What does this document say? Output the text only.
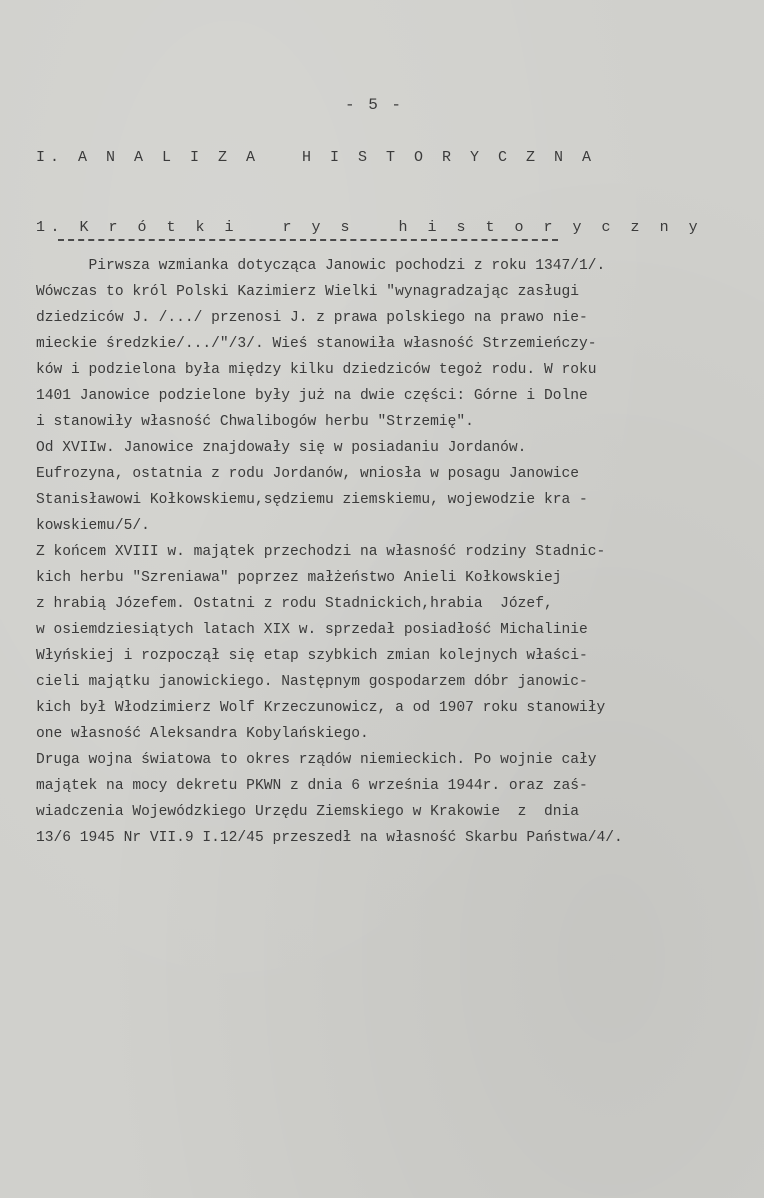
- 5 -
I. A N A L I Z A   H I S T O R Y C Z N A
1. K r ó t k i   r y s   h i s t o r y c z n y
Pirwsza wzmianka dotycząca Janowic pochodzi z roku 1347/1/.
Wówczas to król Polski Kazimierz Wielki "wynagradzając zasługi
dziedziców J. /.../ przenosi J. z prawa polskiego na prawo nie-
mieckie średzkie/.../"/3/. Wieś stanowiła własność Strzemieńczy-
ków i podzielona była między kilku dziedziców tegoż rodu. W roku
1401 Janowice podzielone były już na dwie części: Górne i Dolne
i stanowiły własność Chwalibogów herbu "Strzemię".
Od XVIIw. Janowice znajdowały się w posiadaniu Jordanów.
Eufrozyna, ostatnia z rodu Jordanów, wniosła w posagu Janowice
Stanisławowi Kołkowskiemu,sędziemu ziemskiemu, wojewodzie kra -
kowskiemu/5/.
Z końcem XVIII w. majątek przechodzi na własność rodziny Stadnic-
kich herbu "Szreniawa" poprzez małżeństwo Anieli Kołkowskiej
z hrabią Józefem. Ostatni z rodu Stadnickich,hrabia  Józef,
w osiemdziesiątych latach XIX w. sprzedał posiadłość Michalinie
Włyńskiej i rozpoczął się etap szybkich zmian kolejnych właści-
cieli majątku janowickiego. Następnym gospodarzem dóbr janowic-
kich był Włodzimierz Wolf Krzeczunowicz, a od 1907 roku stanowiły
one własność Aleksandra Kobylańskiego.
Druga wojna światowa to okres rządów niemieckich. Po wojnie cały
majątek na mocy dekretu PKWN z dnia 6 września 1944r. oraz zaś-
wiadczenia Wojewódzkiego Urzędu Ziemskiego w Krakowie  z  dnia
13/6 1945 Nr VII.9 I.12/45 przeszedł na własność Skarbu Państwa/4/.
